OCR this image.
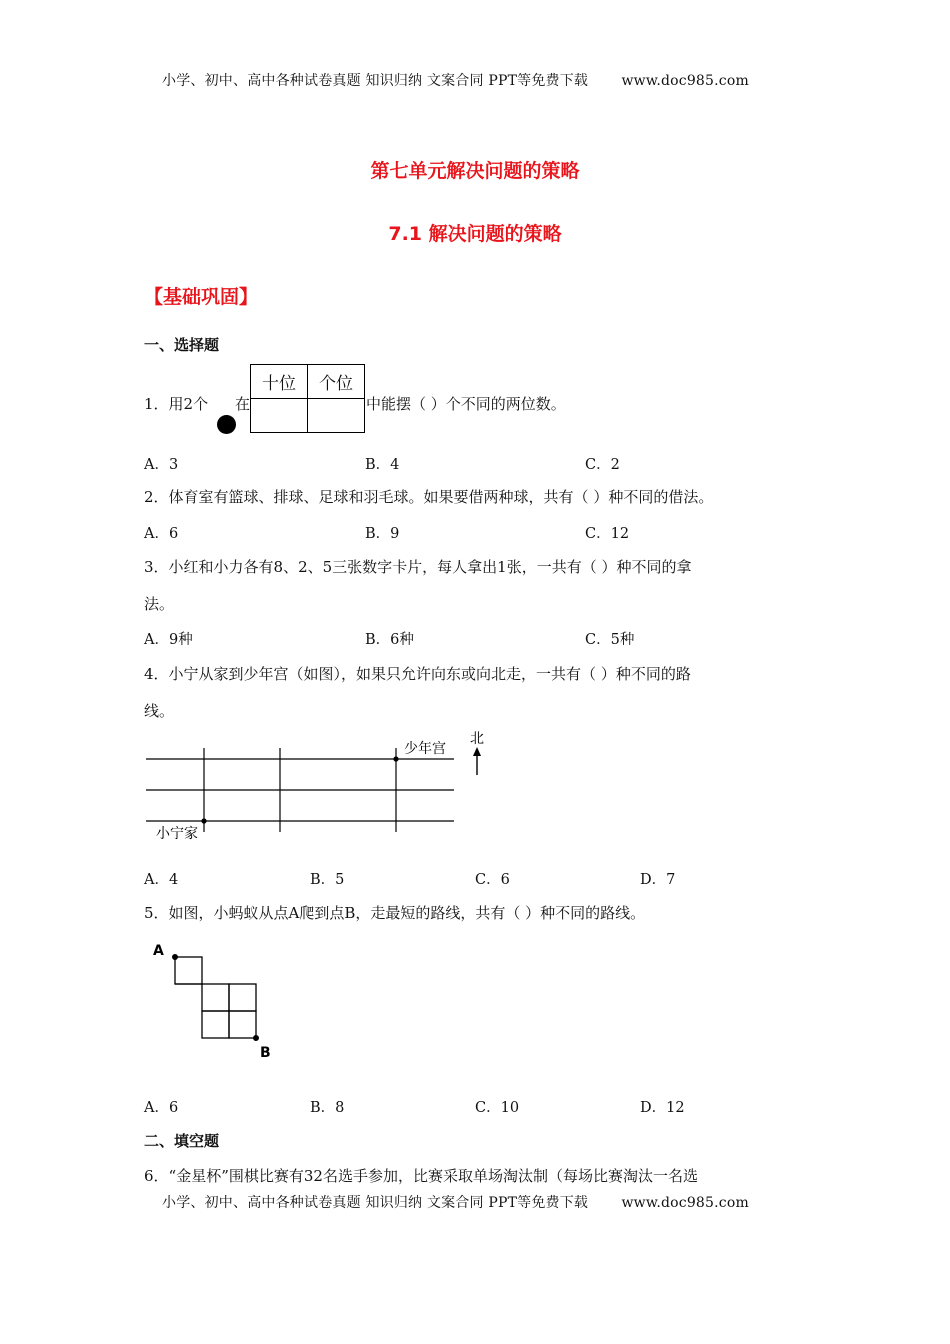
小学、初中、高中各种试卷真题 知识归纳 文案合同 PPT等免费下载 www.doc985.com
第七单元解决问题的策略
7.1 解决问题的策略
【基础巩固】
一、选择题
1．用2个 在
十位	个位

中能摆（ ）个不同的两位数。
A．3	B．4	C．2
2．体育室有篮球、排球、足球和羽毛球。如果要借两种球，共有（ ）种不同的借法。
A．6	B．9	C．12
3．小红和小力各有8、2、5三张数字卡片，每人拿出1张，一共有（ ）种不同的拿
法。
A．9种	B．6种	C．5种
4．小宁从家到少年宫（如图），如果只允许向东或向北走，一共有（ ）种不同的路
线。
少年宫
小宁家
北
A．4	B．5	C．6	D．7
5．如图，小蚂蚁从点A爬到点B，走最短的路线，共有（ ）种不同的路线。
A
B
A．6	B．8	C．10	D．12
二、填空题
6．“金星杯”围棋比赛有32名选手参加，比赛采取单场淘汰制（每场比赛淘汰一名选
小学、初中、高中各种试卷真题 知识归纳 文案合同 PPT等免费下载 www.doc985.com
